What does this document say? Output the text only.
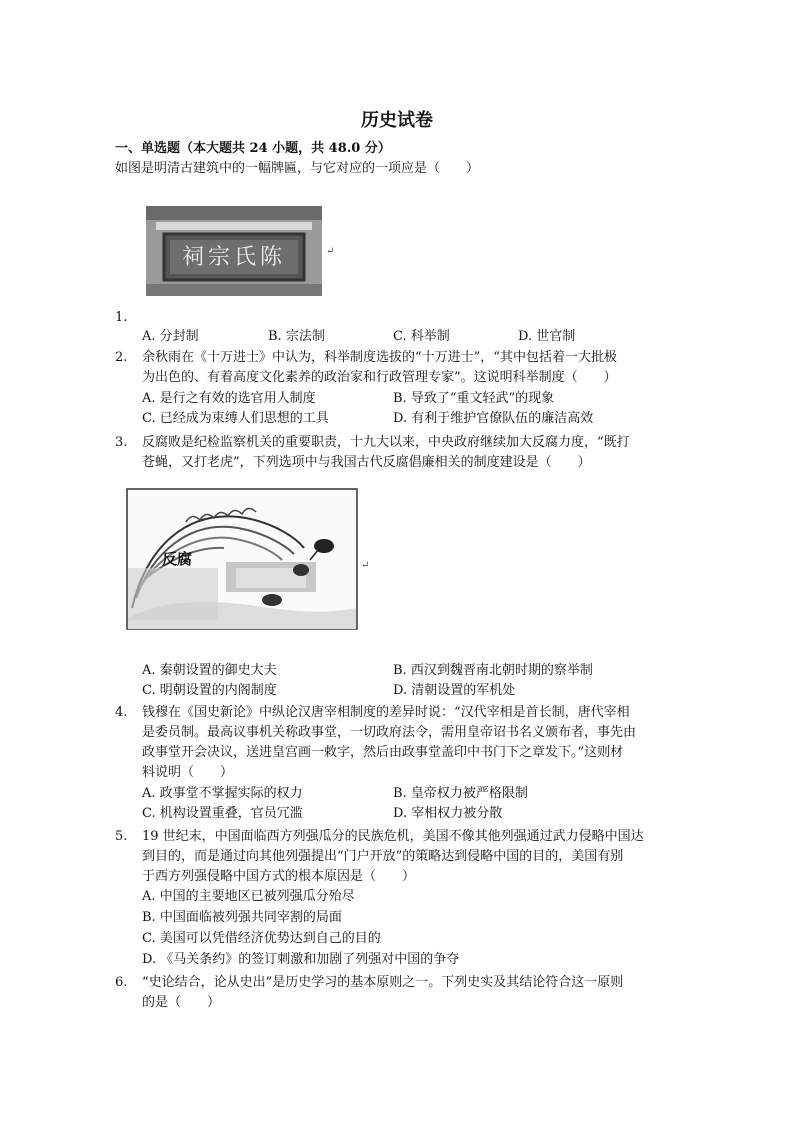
历史试卷
一、单选题（本大题共 24 小题，共 48.0 分）
如图是明清古建筑中的一幅牌匾，与它对应的一项应是（　　）
祠宗氏陈	↵
1.
A. 分封制	B. 宗法制	C. 科举制	D. 世官制
2. 余秋雨在《十万进士》中认为，科举制度选拔的“十万进士”，“其中包括着一大批极
为出色的、有着高度文化素养的政治家和行政管理专家”。这说明科举制度（　　）
A. 是行之有效的选官用人制度	B. 导致了“重文轻武”的现象
C. 已经成为束缚人们思想的工具	D. 有利于维护官僚队伍的廉洁高效
3. 反腐败是纪检监察机关的重要职责，十九大以来，中央政府继续加大反腐力度，“既打
苍蝇，又打老虎”，下列选项中与我国古代反腐倡廉相关的制度建设是（　　）
反腐	↵
A. 秦朝设置的御史大夫	B. 西汉到魏晋南北朝时期的察举制
C. 明朝设置的内阁制度	D. 清朝设置的军机处
4. 钱穆在《国史新论》中纵论汉唐宰相制度的差异时说：“汉代宰相是首长制，唐代宰相
是委员制。最高议事机关称政事堂，一切政府法令，需用皇帝诏书名义颁布者，事先由
政事堂开会决议，送进皇宫画一敕字，然后由政事堂盖印中书门下之章发下。”这则材
料说明（　　）
A. 政事堂不掌握实际的权力	B. 皇帝权力被严格限制
C. 机构设置重叠，官员冗滥	D. 宰相权力被分散
5. 19 世纪末，中国面临西方列强瓜分的民族危机，美国不像其他列强通过武力侵略中国达
到目的，而是通过向其他列强提出“门户开放”的策略达到侵略中国的目的，美国有别
于西方列强侵略中国方式的根本原因是（　　）
A. 中国的主要地区已被列强瓜分殆尽
B. 中国面临被列强共同宰割的局面
C. 美国可以凭借经济优势达到自己的目的
D. 《马关条约》的签订刺激和加剧了列强对中国的争夺
6. “史论结合，论从史出”是历史学习的基本原则之一。下列史实及其结论符合这一原则
的是（　　）
